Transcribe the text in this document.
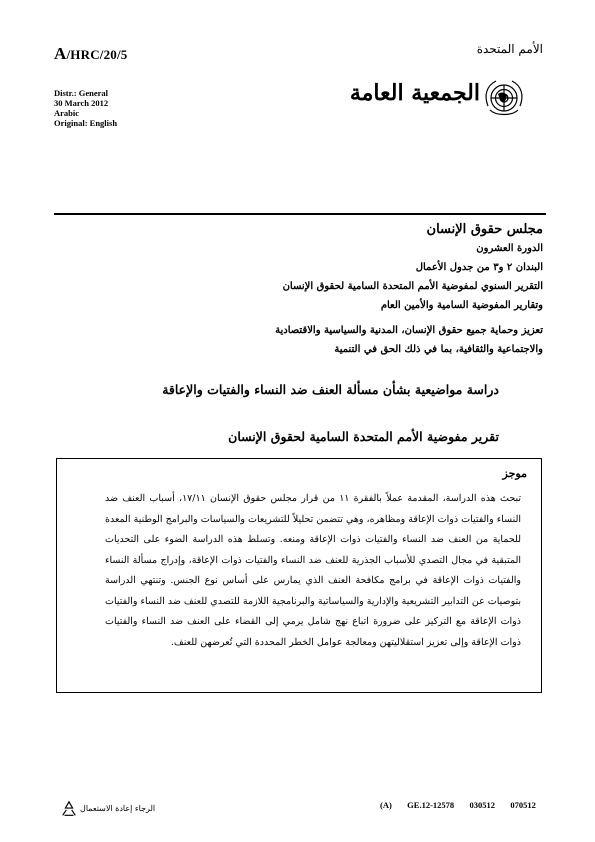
A/HRC/20/5	الأمم المتحدة
Distr.: General
30 March 2012
Arabic
Original: English
الجمعية العامة
مجلس حقوق الإنسان
الدورة العشرون
البندان ٢ و٣ من جدول الأعمال
التقرير السنوي لمفوضية الأمم المتحدة السامية لحقوق الإنسان
وتقارير المفوضية السامية والأمين العام
تعزيز وحماية جميع حقوق الإنسان، المدنية والسياسية والاقتصادية
والاجتماعية والثقافية، بما في ذلك الحق في التنمية
دراسة مواضيعية بشأن مسألة العنف ضد النساء والفتيات والإعاقة
تقرير مفوضية الأمم المتحدة السامية لحقوق الإنسان
موجز
تبحث هذه الدراسة، المقدمة عملاً بالفقرة ١١ من قرار مجلس حقوق الإنسان ١٧/١١، أسباب العنف ضد النساء والفتيات ذوات الإعاقة ومظاهره، وهي تتضمن تحليلاً للتشريعات والسياسات والبرامج الوطنية المعدة للحماية من العنف ضد النساء والفتيات ذوات الإعاقة ومنعه. وتسلط هذه الدراسة الضوء على التحديات المتبقية في مجال التصدي للأسباب الجذرية للعنف ضد النساء والفتيات ذوات الإعاقة، وإدراج مسألة النساء والفتيات ذوات الإعاقة في برامج مكافحة العنف الذي يمارس على أساس نوع الجنس. وتنتهي الدراسة بتوصيات عن التدابير التشريعية والإدارية والسياساتية والبرنامجية اللازمة للتصدي للعنف ضد النساء والفتيات ذوات الإعاقة مع التركيز على ضرورة اتباع نهج شامل يرمي إلى القضاء على العنف ضد النساء والفتيات ذوات الإعاقة وإلى تعزيز استقلاليتهن ومعالجة عوامل الخطر المحددة التي تُعرضهن للعنف.
الرجاء إعادة الاستعمال	(A)   GE.12-12578   030512   070512
